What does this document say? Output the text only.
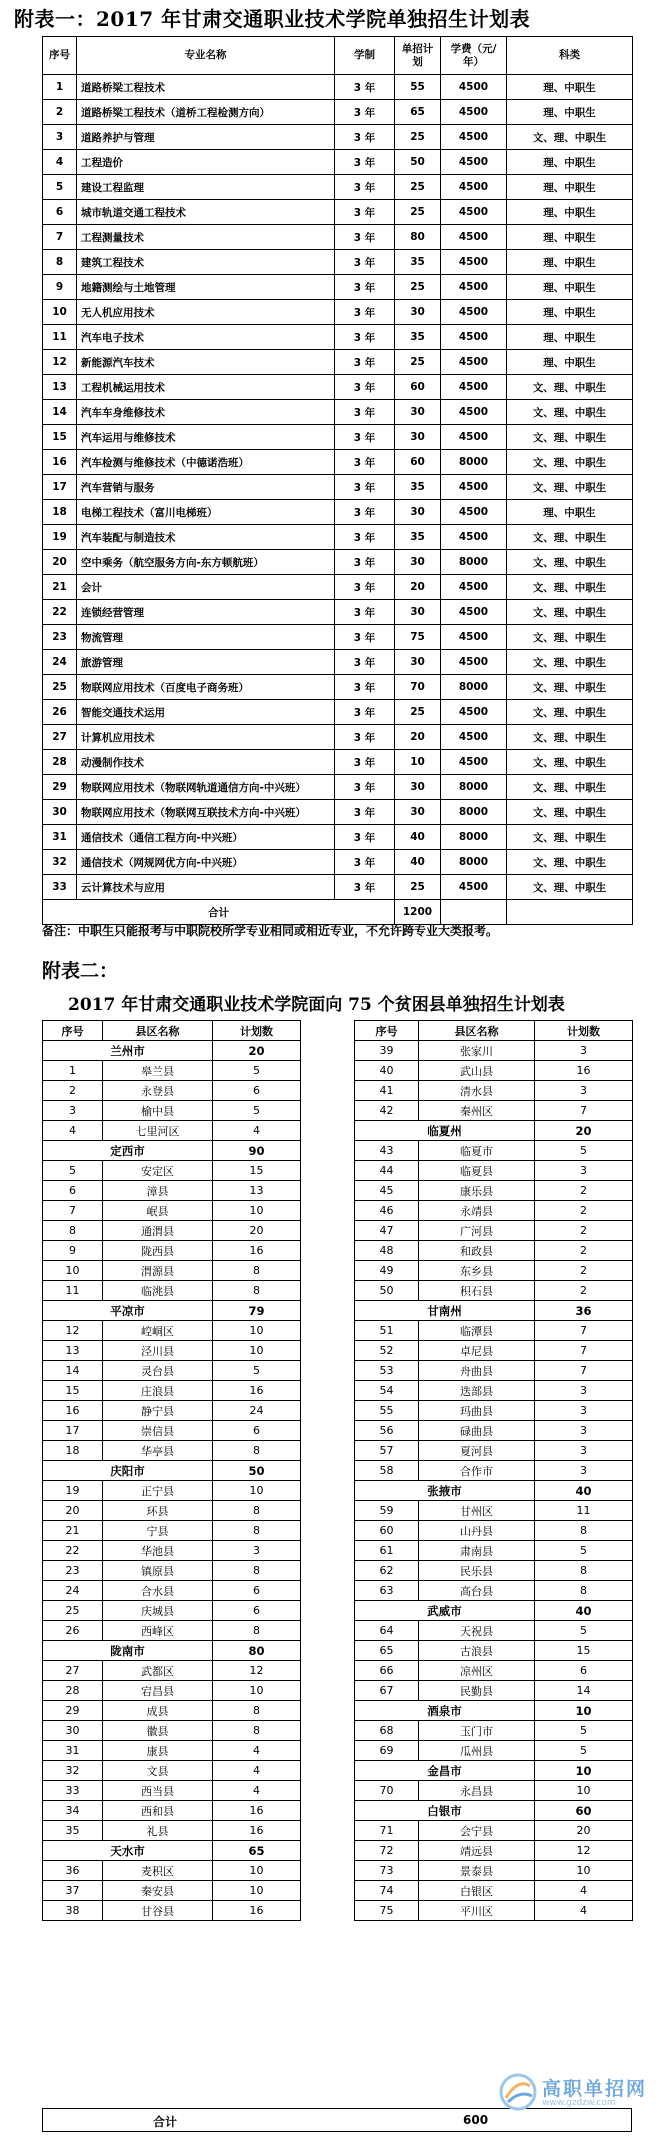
附表一：2017 年甘肃交通职业技术学院单独招生计划表
序号	专业名称	学制	单招计划	学费（元/年）	科类
1	道路桥梁工程技术	3 年	55	4500	理、中职生
2	道路桥梁工程技术（道桥工程检测方向）	3 年	65	4500	理、中职生
3	道路养护与管理	3 年	25	4500	文、理、中职生
4	工程造价	3 年	50	4500	理、中职生
5	建设工程监理	3 年	25	4500	理、中职生
6	城市轨道交通工程技术	3 年	25	4500	理、中职生
7	工程测量技术	3 年	80	4500	理、中职生
8	建筑工程技术	3 年	35	4500	理、中职生
9	地籍测绘与土地管理	3 年	25	4500	理、中职生
10	无人机应用技术	3 年	30	4500	理、中职生
11	汽车电子技术	3 年	35	4500	理、中职生
12	新能源汽车技术	3 年	25	4500	理、中职生
13	工程机械运用技术	3 年	60	4500	文、理、中职生
14	汽车车身维修技术	3 年	30	4500	文、理、中职生
15	汽车运用与维修技术	3 年	30	4500	文、理、中职生
16	汽车检测与维修技术（中德诺浩班）	3 年	60	8000	文、理、中职生
17	汽车营销与服务	3 年	35	4500	文、理、中职生
18	电梯工程技术（富川电梯班）	3 年	30	4500	理、中职生
19	汽车装配与制造技术	3 年	35	4500	文、理、中职生
20	空中乘务（航空服务方向-东方顿航班）	3 年	30	8000	文、理、中职生
21	会计	3 年	20	4500	文、理、中职生
22	连锁经营管理	3 年	30	4500	文、理、中职生
23	物流管理	3 年	75	4500	文、理、中职生
24	旅游管理	3 年	30	4500	文、理、中职生
25	物联网应用技术（百度电子商务班）	3 年	70	8000	文、理、中职生
26	智能交通技术运用	3 年	25	4500	文、理、中职生
27	计算机应用技术	3 年	20	4500	文、理、中职生
28	动漫制作技术	3 年	10	4500	文、理、中职生
29	物联网应用技术（物联网轨道通信方向-中兴班）	3 年	30	8000	文、理、中职生
30	物联网应用技术（物联网互联技术方向-中兴班）	3 年	30	8000	文、理、中职生
31	通信技术（通信工程方向-中兴班）	3 年	40	8000	文、理、中职生
32	通信技术（网规网优方向-中兴班）	3 年	40	8000	文、理、中职生
33	云计算技术与应用	3 年	25	4500	文、理、中职生
合计			1200		
备注：中职生只能报考与中职院校所学专业相同或相近专业，不允许跨专业大类报考。
附表二：
2017 年甘肃交通职业技术学院面向 75 个贫困县单独招生计划表
序号	县区名称	计划数
兰州市		20
1	皋兰县	5
2	永登县	6
3	榆中县	5
4	七里河区	4
定西市		90
5	安定区	15
6	漳县	13
7	岷县	10
8	通渭县	20
9	陇西县	16
10	渭源县	8
11	临洮县	8
平凉市		79
12	崆峒区	10
13	泾川县	10
14	灵台县	5
15	庄浪县	16
16	静宁县	24
17	崇信县	6
18	华亭县	8
庆阳市		50
19	正宁县	10
20	环县	8
21	宁县	8
22	华池县	3
23	镇原县	8
24	合水县	6
25	庆城县	6
26	西峰区	8
陇南市		80
27	武都区	12
28	宕昌县	10
29	成县	8
30	徽县	8
31	康县	4
32	文县	4
33	西当县	4
34	西和县	16
35	礼县	16
天水市		65
36	麦积区	10
37	秦安县	10
38	甘谷县	16
序号	县区名称	计划数
39	张家川	3
40	武山县	16
41	清水县	3
42	秦州区	7
临夏州		20
43	临夏市	5
44	临夏县	3
45	康乐县	2
46	永靖县	2
47	广河县	2
48	和政县	2
49	东乡县	2
50	积石县	2
甘南州		36
51	临潭县	7
52	卓尼县	7
53	舟曲县	7
54	迭部县	3
55	玛曲县	3
56	碌曲县	3
57	夏河县	3
58	合作市	3
张掖市		40
59	甘州区	11
60	山丹县	8
61	肃南县	5
62	民乐县	8
63	高台县	8
武威市		40
64	天祝县	5
65	古浪县	15
66	凉州区	6
67	民勤县	14
酒泉市		10
68	玉门市	5
69	瓜州县	5
金昌市		10
70	永昌县	10
白银市		60
71	会宁县	20
72	靖远县	12
73	景泰县	10
74	白银区	4
75	平川区	4
合计	600
高职单招网
www.gzdzw.com
